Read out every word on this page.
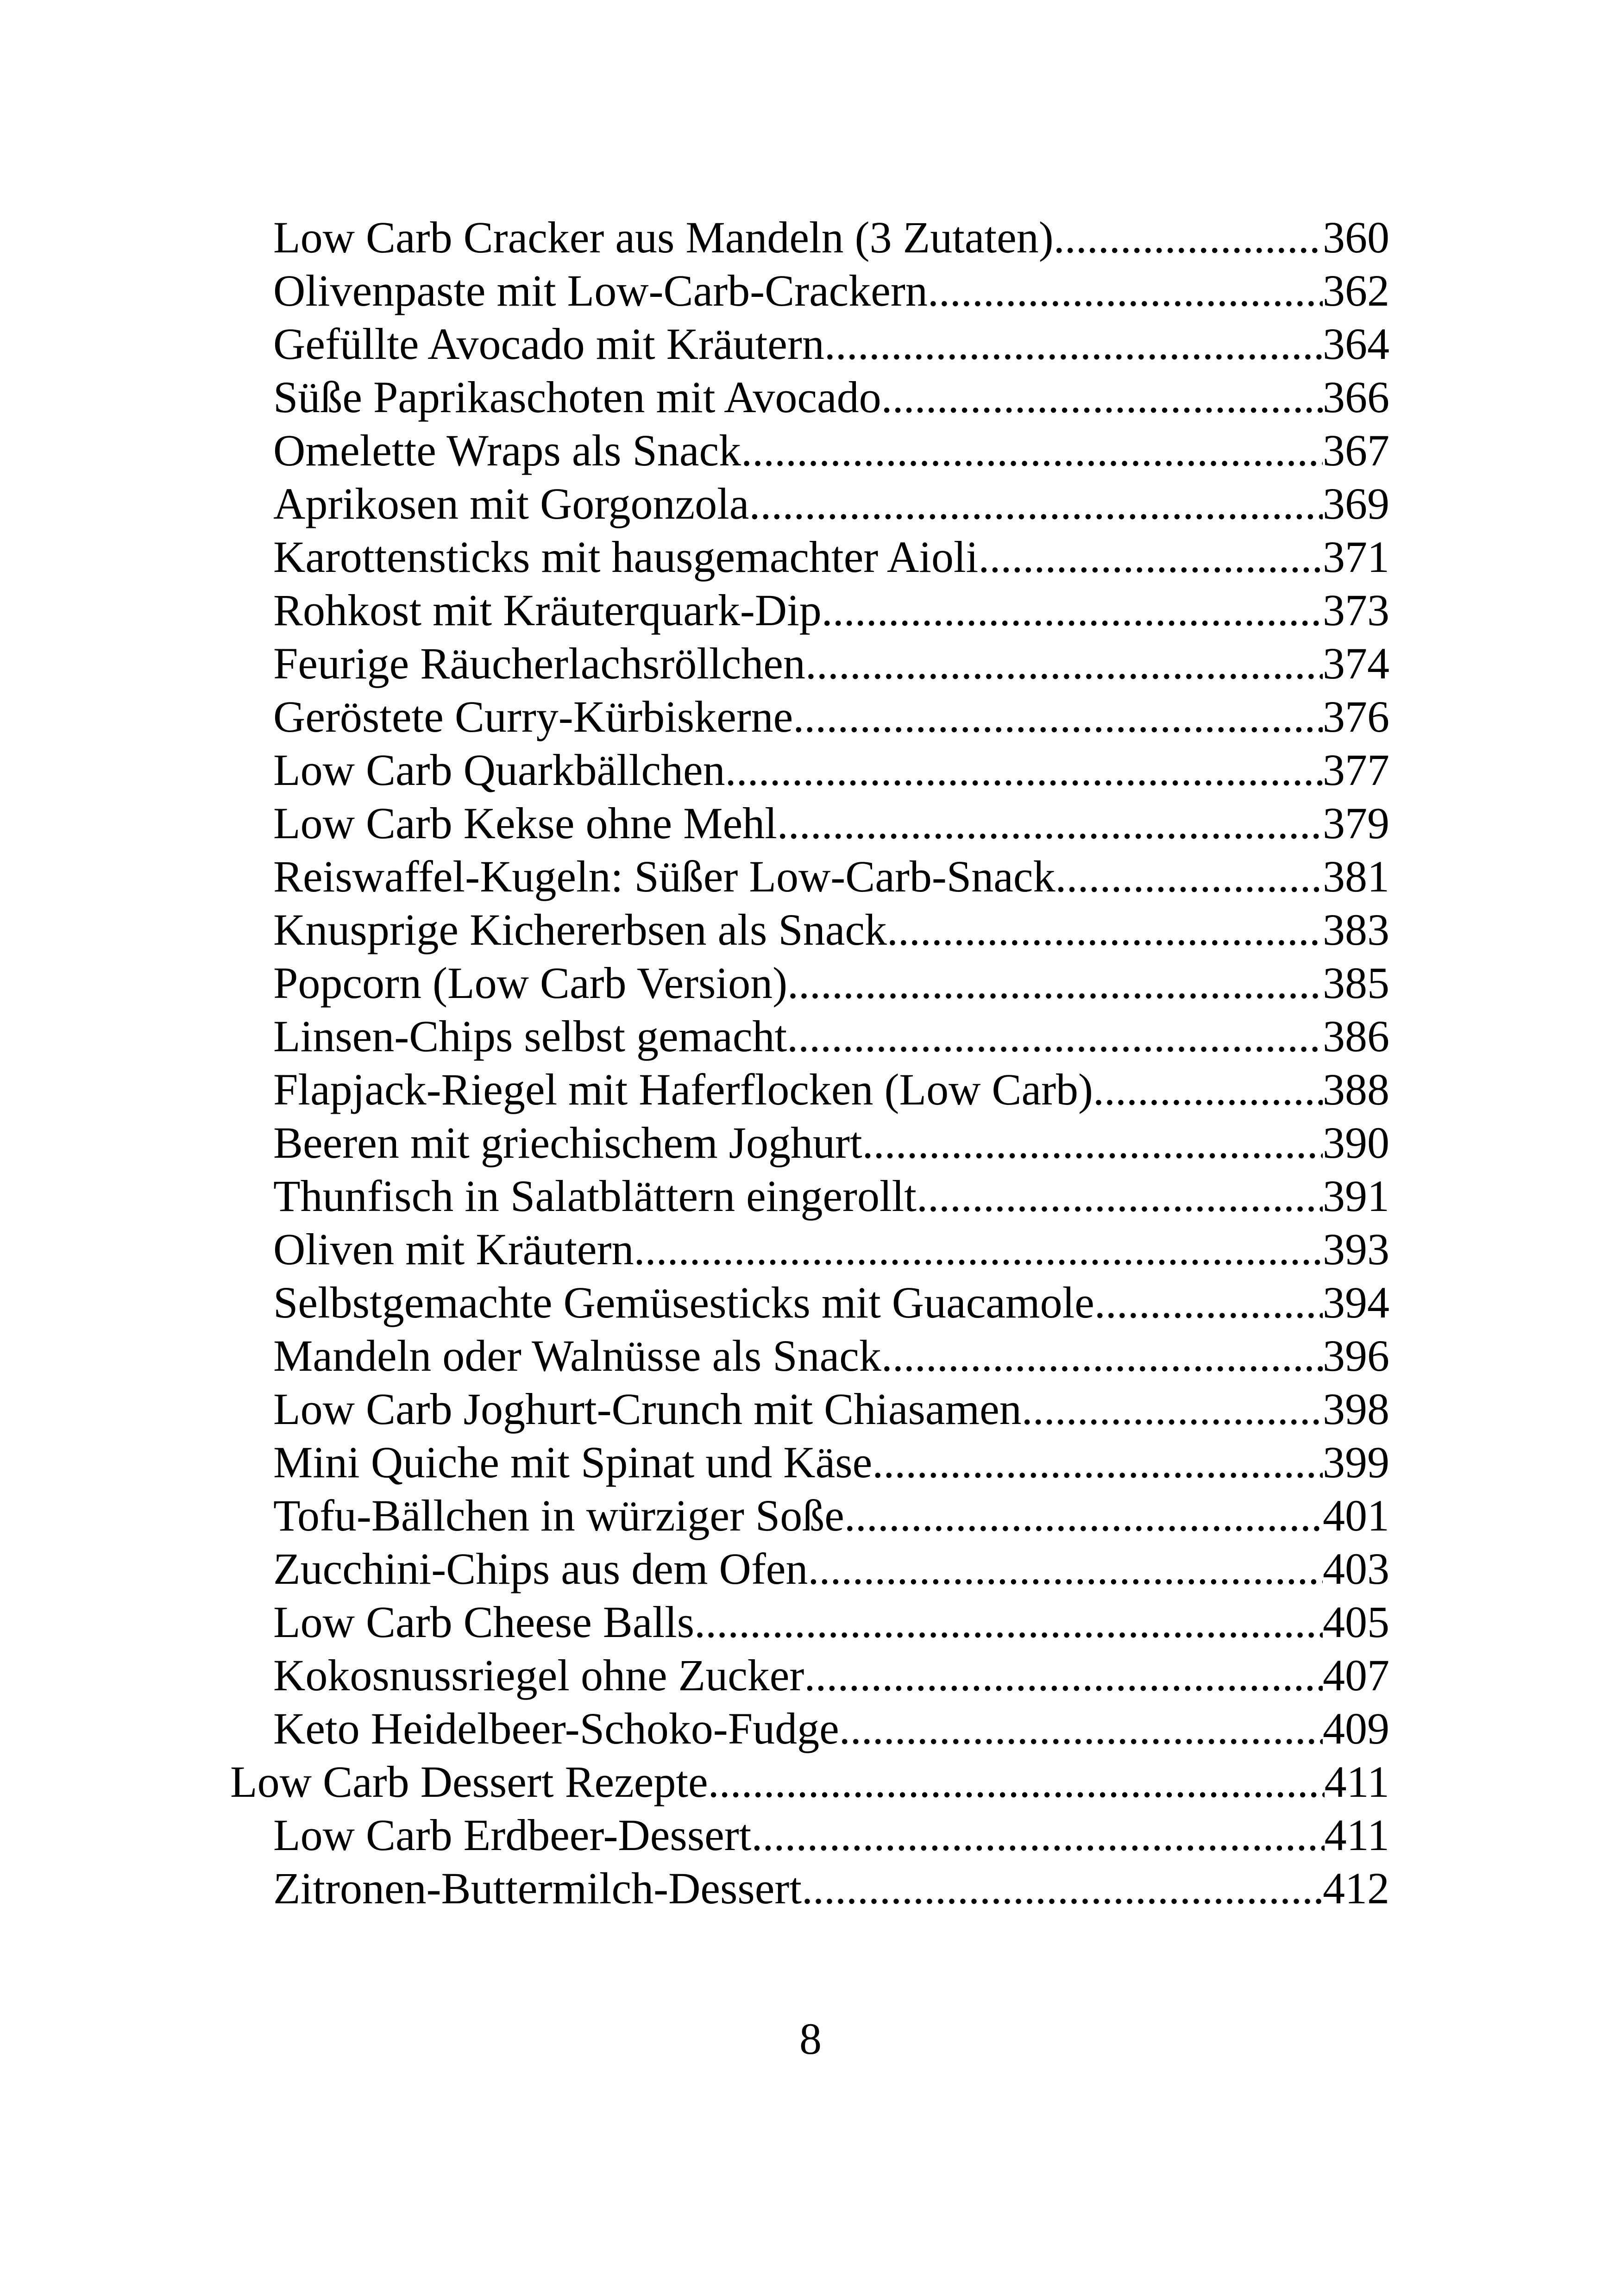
Low Carb Cracker aus Mandeln (3 Zutaten) .....	360
Olivenpaste mit Low-Carb-Crackern .....	362
Gefüllte Avocado mit Kräutern .....	364
Süße Paprikaschoten mit Avocado .....	366
Omelette Wraps als Snack .....	367
Aprikosen mit Gorgonzola .....	369
Karottensticks mit hausgemachter Aioli .....	371
Rohkost mit Kräuterquark-Dip .....	373
Feurige Räucherlachsröllchen .....	374
Geröstete Curry-Kürbiskerne .....	376
Low Carb Quarkbällchen .....	377
Low Carb Kekse ohne Mehl .....	379
Reiswaffel-Kugeln: Süßer Low-Carb-Snack .....	381
Knusprige Kichererbsen als Snack .....	383
Popcorn (Low Carb Version) .....	385
Linsen-Chips selbst gemacht .....	386
Flapjack-Riegel mit Haferflocken (Low Carb) .....	388
Beeren mit griechischem Joghurt .....	390
Thunfisch in Salatblättern eingerollt .....	391
Oliven mit Kräutern .....	393
Selbstgemachte Gemüsesticks mit Guacamole .....	394
Mandeln oder Walnüsse als Snack .....	396
Low Carb Joghurt-Crunch mit Chiasamen .....	398
Mini Quiche mit Spinat und Käse .....	399
Tofu-Bällchen in würziger Soße .....	401
Zucchini-Chips aus dem Ofen .....	403
Low Carb Cheese Balls .....	405
Kokosnussriegel ohne Zucker .....	407
Keto Heidelbeer-Schoko-Fudge .....	409
Low Carb Dessert Rezepte .....	411
Low Carb Erdbeer-Dessert .....	411
Zitronen-Buttermilch-Dessert .....	412
8
